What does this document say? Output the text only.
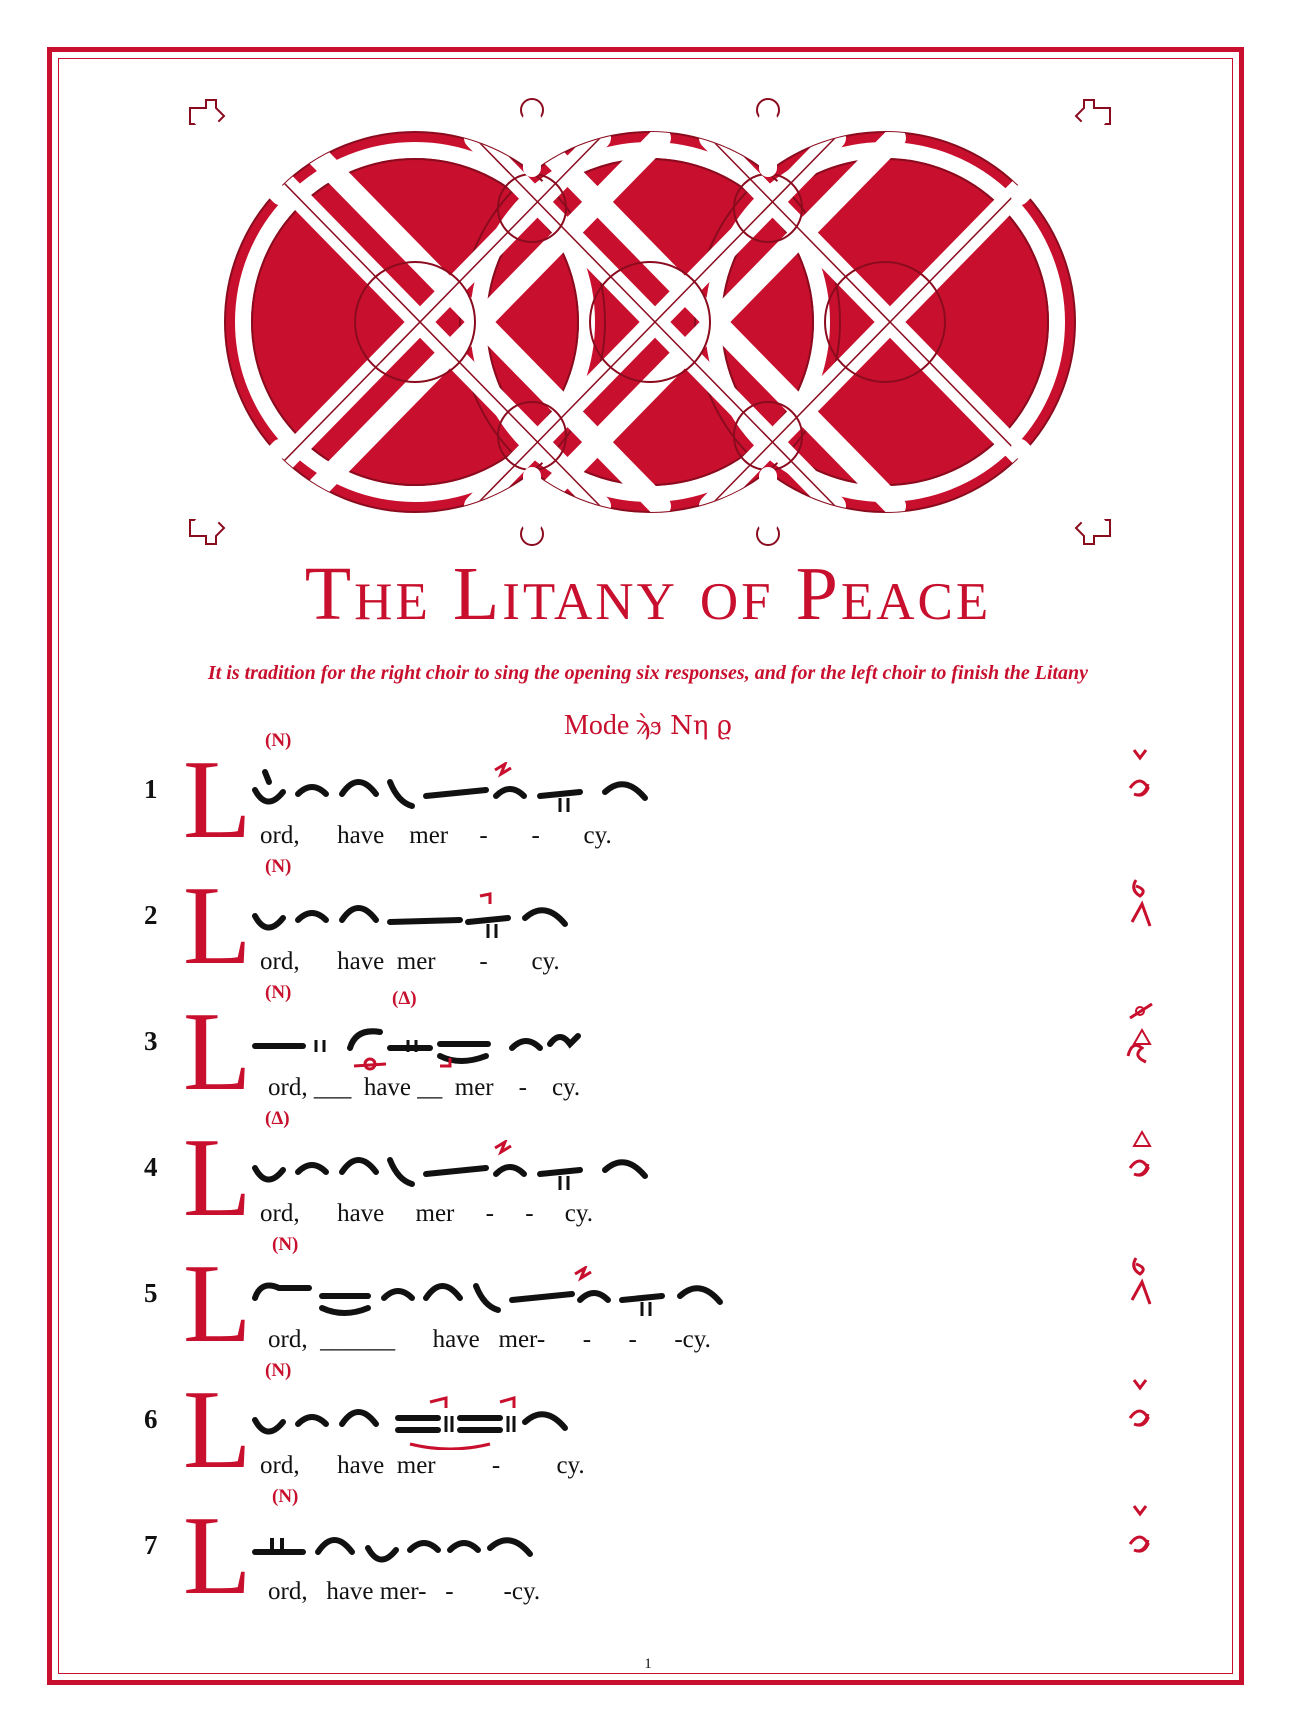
The Litany of Peace
It is tradition for the right choir to sing the opening six responses, and for the left choir to finish the Litany
Mode ϡ̀ϧ Νη ϱ
1 L (N)
ord,      have    mer     -       -       cy.
2 L (N)
ord,      have  mer       -       cy.
3 L (N)	(Δ)
ord, ___  have __  mer    -    cy.
4 L (Δ)
ord,      have     mer     -     -     cy.
5 L (N)
ord,  ______      have   mer-      -      -      -cy.
6 L (N)
ord,      have  mer         -         cy.
7 L (N)
ord,   have mer-   -        -cy.
1
